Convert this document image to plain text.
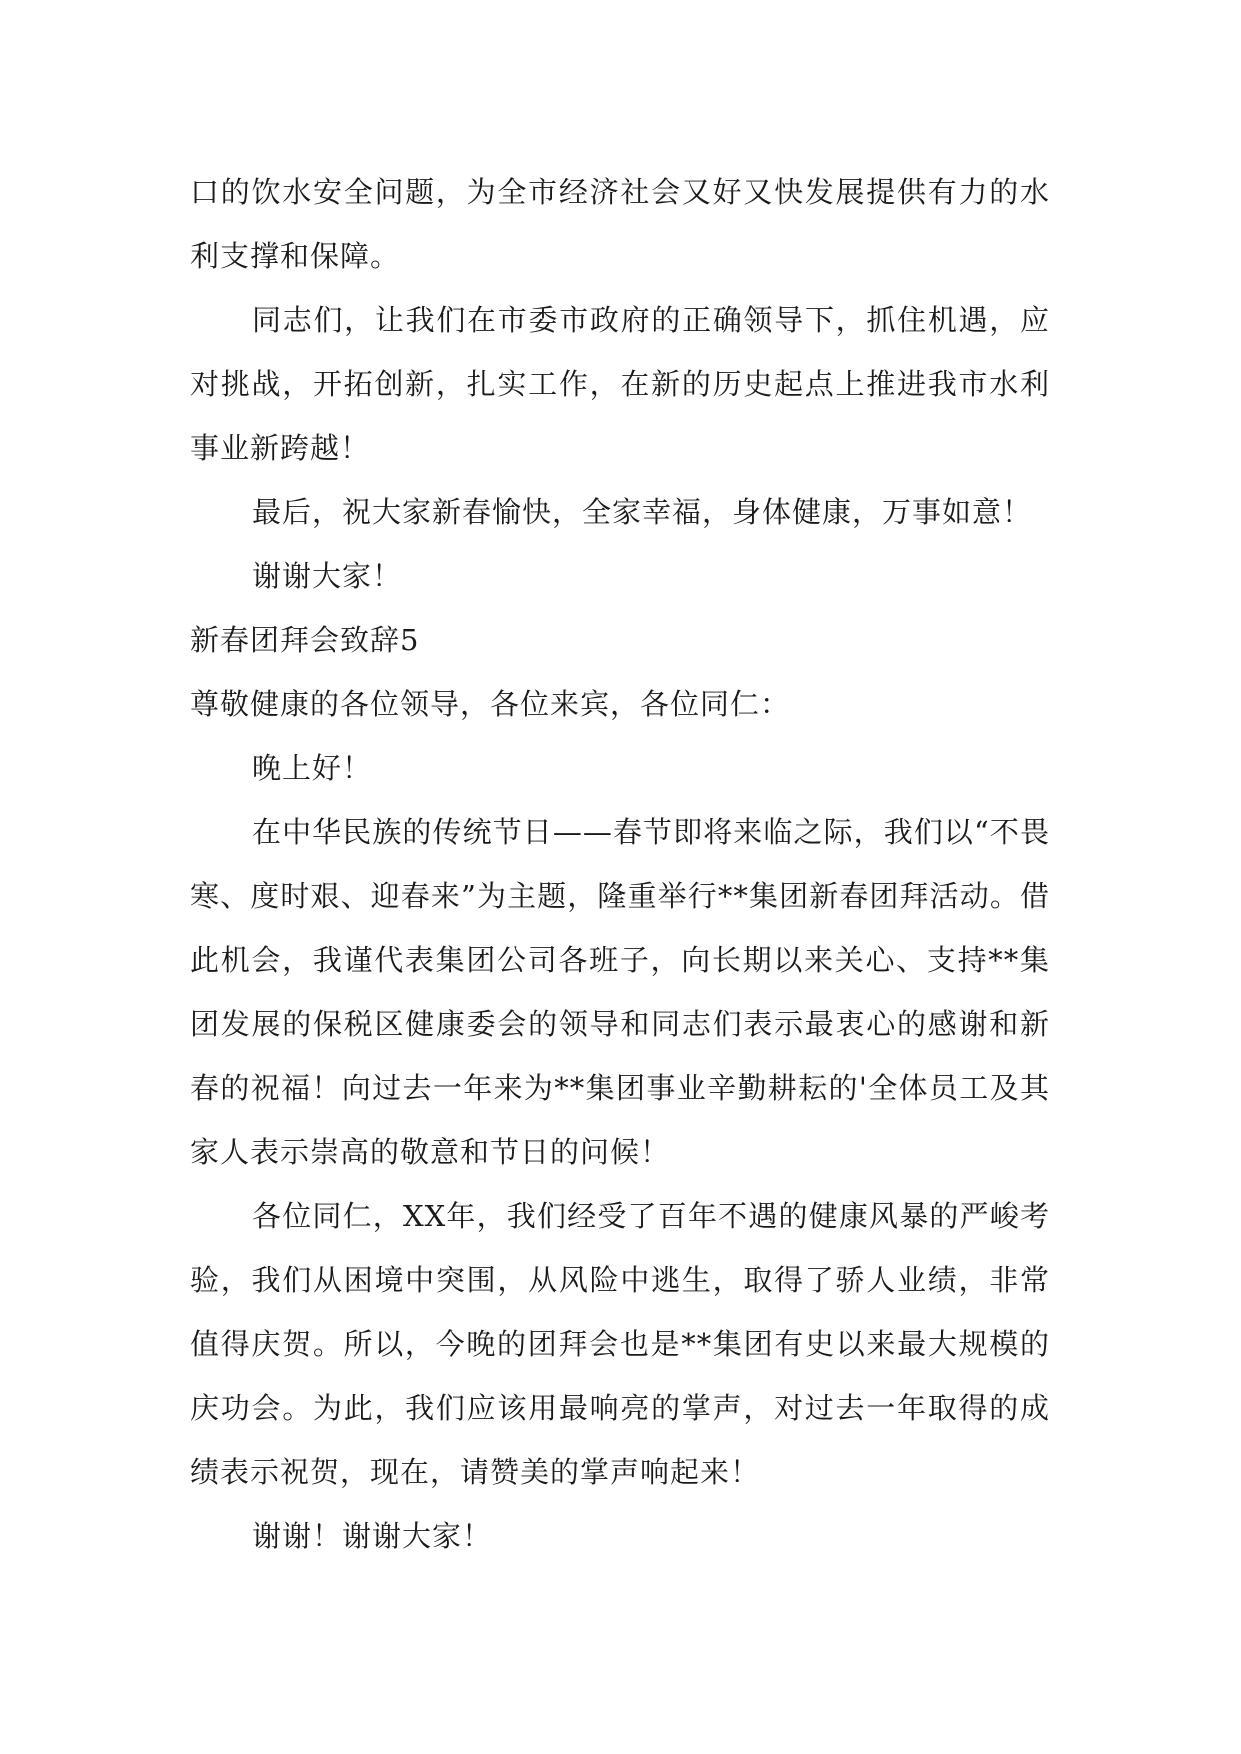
口的饮水安全问题，为全市经济社会又好又快发展提供有力的水利支撑和保障。

同志们，让我们在市委市政府的正确领导下，抓住机遇，应对挑战，开拓创新，扎实工作，在新的历史起点上推进我市水利事业新跨越！

最后，祝大家新春愉快，全家幸福，身体健康，万事如意！

谢谢大家！

新春团拜会致辞5

尊敬健康的各位领导，各位来宾，各位同仁：

晚上好！

在中华民族的传统节日——春节即将来临之际，我们以“不畏寒、度时艰、迎春来”为主题，隆重举行**集团新春团拜活动。借此机会，我谨代表集团公司各班子，向长期以来关心、支持**集团发展的保税区健康委会的领导和同志们表示最衷心的感谢和新春的祝福！向过去一年来为**集团事业辛勤耕耘的'全体员工及其家人表示崇高的敬意和节日的问候！

各位同仁，XX年，我们经受了百年不遇的健康风暴的严峻考验，我们从困境中突围，从风险中逃生，取得了骄人业绩，非常值得庆贺。所以，今晚的团拜会也是**集团有史以来最大规模的庆功会。为此，我们应该用最响亮的掌声，对过去一年取得的成绩表示祝贺，现在，请赞美的掌声响起来！

谢谢！谢谢大家！
